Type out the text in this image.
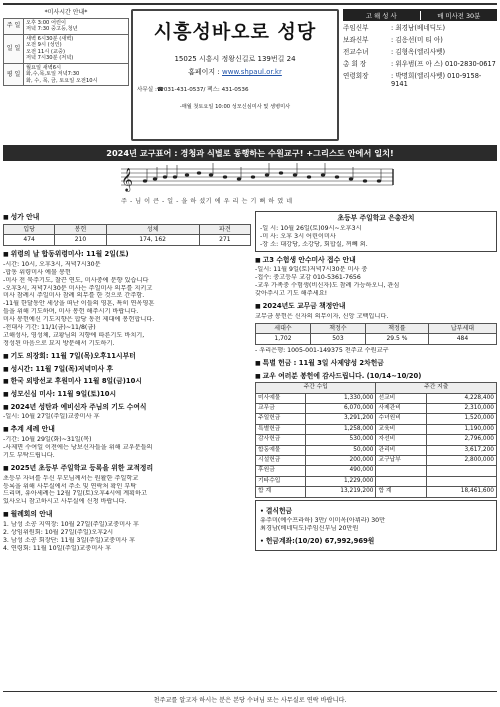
*미사시간 안내*
주 일	오후 3:00 어린이
저녁 7:30 중고등,청년

일 일	새벽 6시30분 (새벽)
오전 9시 (성인)
오전 11시 (교중)
저녁 7시30분 (저녁)

평 일	월요일 새벽6시
화,수,목,토일 저녁7:30
화, 수, 목, 금, 토요일 오전10시
시흥성바오로 성당
15025 시흥시 정왕신길로 139번길 24
홈페이지 : www.shpaul.or.kr
사무실 :☎031-431-0537/ 팩스: 431-0536
-매월 첫토요일 10:00 성모신심미사 및 셍병미사
고 해 성 사	매 미사전 30분
주임신부	: 최경남(베네딕도)
보좌신부	: 김응선(미 티 아)
전교수녀	: 김형옥(엘리사벳)
총 회 장	: 위우범(프 아 스) 010-2830-0617
연령회장	: 박명희(엘리사벳) 010-9158-9141
2024년 교구표어 : 경청과 식별로 동행하는 수원교구! +그리스도 안에서 일치!
𝄞
주 - 님 이 큰 - 일 - 을 하 셨기 에 우 리 는 기 뻐 하 였 네
■ 성가 안내
입당	봉헌	성체	파견
474	210	174, 162	271
■ 위령의 날 합동위령미사: 11월 2일(토)
-시간: 10시, 오후3시, 저녁7시30분
-합동 위령미사 예물 봉헌
-미사 전 묵주기도, 찰끈 연도, 미사중에 분향 있습니다
-오후3시, 저녁7시30분 미사는 주일미사 의무를 지키고
미사 참례시 주일미사 참례 의무를 한 것으로 간주함.
-11월 한달동안 세상을 떠난 이들의 영혼, 특히 연옥영혼
들을 위해 기도하며, 미사 봉헌 해주시기 바랍니다.
미사 봉헌예신 기도지향은 합당 동전 제대에 봉헌합니다.
-전대사 기간: 11/1(금)~11/8(금)
고해성사, 영성체, 교황님의 지향에 따른기도 바치기,
정성된 마음으로 묘지 방문해서 기도하기.
■ 기도 의장회: 11월 7일(목)오후11시부터
■ 성시간: 11월 7일(목)저녁미사 후
■ 한국 외방선교 후원미사 11월 8일(금)10시
■ 성모신심 미사: 11월 9일(토)10시
■ 2024년 성탄과 예비신자 주님의 기도 수여식
-일시: 10월 27일(주일)교중미사 후
■ 추계 세례 안내
-기간: 10월 29일(화)~31일(목)
-사제면 수여일 이전에는 낭보신자들을 위해 교우분들의
기도 부탁드립니다.
■ 2025년 초등부 주일학교 등록을 위한 교적정리
초등부 자녀를 두신 부모님께서는 원활한 주일학교
등록을 위해 사무실에서 주소 및 연락처 확인 부탁
드리며, 유아세례는 12월 7일(토)오후4시에 계획하고
있사오니 참고하시고 사무실에 신청 바랍니다.
■ 월례회의 안내
1. 남성 소공 지역장: 10월 27일(주일)교중미사 후
2. 상임위원회: 10월 27일(주일)오후2시
3. 남성 소공 회장단: 11월 3일(주일)교중미사 후
4. 연령회: 11월 10일(주일)교중미사 후
초등부 주일학교 은총잔치
-일 시: 10월 26일(토)09시~오후3시
-미 사: 오후 3시 어린이미사
-장 소: 대강당, 소강당, 회합실, 꺼뻬 외.
■ 고3 수험생 안수미사 접수 안내
-일시: 11월 9일(토)저녁7시30분 미사 중
-접수: 중고등부 교감 010-5361-7656
-교우 가족중 수험생(비신자)도 참례 가능하오니, 관심
갖아주시고 기도 해주세요!
■ 2024년도 교무금 책정안내
교무금 봉헌은 신자의 의무이자, 신앙 고백입니다.
세대수	책정수	책정률	납부세대
1,702	503	29.5 %	484
- 우리은행: 1005-001-149375 천주교 수원교구
■ 특별 헌금 : 11월 3일 사제양성 2차헌금
■ 교우 여러분 봉헌에 감사드립니다. (10/14~10/20)
주간 수입		주간 지출	
미사예물	1,330,000	선교비	4,228,400
교무금	6,070,000	사제관비	2,310,000
주일헌금	3,291,200	수녀원비	1,520,000
특별헌금	1,258,000	교육비	1,190,000
감사헌금	530,000	자선비	2,796,000
합동예물	50,000	관리비	3,617,200
시설헌금	200,000	교구납부	2,800,000
후원금	490,000		
기타수입	1,229,000		
합 계	13,219,200	합 계	18,461,600
• 결식헌금
유주미(예수프라하) 3만/ 이미옥(아뷔라) 30만
최경남(베네딕도)주임신부님 20만원
• 헌금계좌:(10/20) 67,992,969원
천주교를 알고자 하시는 분은 본당 수녀님 또는 사무실로 연락 바랍니다.
